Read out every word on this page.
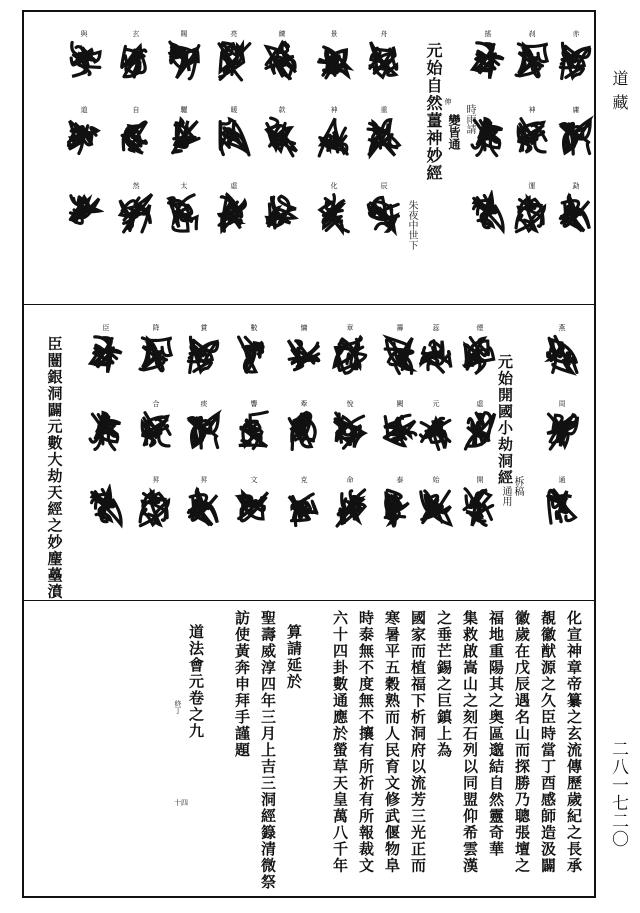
元始自然薑神妙經
朱夜中世下
時雨請
變皆通
伸
與
道
玄
自
然
賜
驪
太
亮
暖
虛
練
款
景
神
化
舟
重
辰
搖	刹
神
運
赤
庸
勐
臣闓銀洞闢元數大劫天經之妙麈蘲濆	元始開國小劫洞經
柝稿
通用
臣	降
合
昇
賞
痰
昇
數
響
文
慵
牽
克
章
悅
命
籌
闕
泰
蕊
元
始
煙
虛
開
燕
周
通
化宣神章帝纂之玄流傳歷歲紀之長承
覩徽猷源之久臣時當丁酉感師造汲闢
徽歲在戊辰遇名山而探勝乃聰張壇之
福地重陽其之奥區邈結自然靈奇華
集救啟嵩山之刻石列以同盟仰希雲漢
之垂芒錫之巨鎮上為
國家而植福下析洞府以流芳三光正而
寒暑平五穀熟而人民育文修武偃物阜
時泰無不度無不攘有所祈有所報裁文
六十四卦數通應於螢草天皇萬八千年
算請延於
聖壽威淳四年三月上吉三洞經籙清微祭
訪使黃奔申拜手謹題
道法會元卷之九
終丁
十四
道藏
二八一七二〇
